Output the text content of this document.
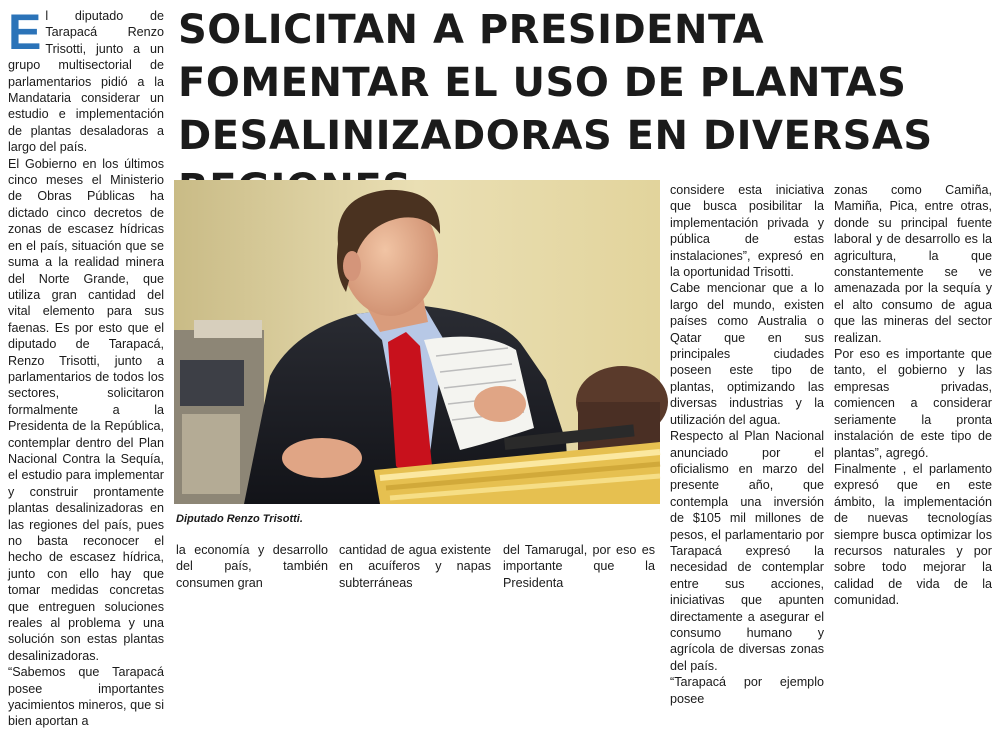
El diputado de Tarapacá Renzo Trisotti, junto a un grupo multisectorial de parlamentarios pidió a la Mandataria considerar un estudio e implementación de plantas desaladoras a largo del país.

El Gobierno en los últimos cinco meses el Ministerio de Obras Públicas ha dictado cinco decretos de zonas de escasez hídricas en el país, situación que se suma a la realidad minera del Norte Grande, que utiliza gran cantidad del vital elemento para sus faenas. Es por esto que el diputado de Tarapacá, Renzo Trisotti, junto a parlamentarios de todos los sectores, solicitaron formalmente a la Presidenta de la República, contemplar dentro del Plan Nacional Contra la Sequía, el estudio para implementar y construir prontamente plantas desalinizadoras en las regiones del país, pues no basta reconocer el hecho de escasez hídrica, junto con ello hay que tomar medidas concretas que entreguen soluciones reales al problema y una solución son estas plantas desalinizadoras.

“Sabemos que Tarapacá posee importantes yacimientos mineros, que si bien aportan a

SOLICITAN A PRESIDENTA FOMENTAR EL USO DE PLANTAS DESALINIZADORAS EN DIVERSAS
Diputado Renzo Trisotti.

la economía y desarrollo del país, también consumen gran

cantidad de agua existente en acuíferos y napas subterráneas

del Tamarugal, por eso es importante que la Presidenta

considere esta iniciativa que busca posibilitar la implementación privada y pública de estas instalaciones”, expresó en la oportunidad Trisotti.

Cabe mencionar que a lo largo del mundo, existen países como Australia o Qatar que en sus principales ciudades poseen este tipo de plantas, optimizando las diversas industrias y la utilización del agua.

Respecto al Plan Nacional anunciado por el oficialismo en marzo del presente año, que contempla una inversión de $105 mil millones de pesos, el parlamentario por Tarapacá expresó la necesidad de contemplar entre sus acciones, iniciativas que apunten directamente a asegurar el consumo humano y agrícola de diversas zonas del país.

“Tarapacá por ejemplo posee

zonas como Camiña, Mamiña, Pica, entre otras, donde su principal fuente laboral y de desarrollo es la agricultura, la que constantemente se ve amenazada por la sequía y el alto consumo de agua que las mineras del sector realizan.

Por eso es importante que tanto, el gobierno y las empresas privadas, comiencen a considerar seriamente la pronta instalación de este tipo de plantas”, agregó.

Finalmente , el parlamento expresó que en este ámbito, la implementación de nuevas tecnologías siempre busca optimizar los recursos naturales y por sobre todo mejorar la calidad de vida de la comunidad.
